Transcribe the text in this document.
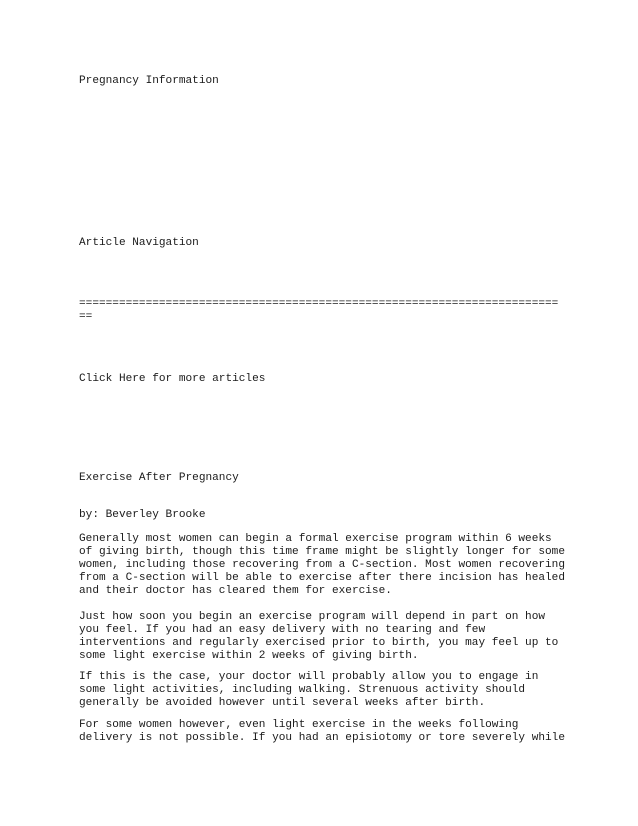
Pregnancy Information
Article Navigation
========================================================================
==
Click Here for more articles
Exercise After Pregnancy
by: Beverley Brooke

Generally most women can begin a formal exercise program within 6 weeks
of giving birth, though this time frame might be slightly longer for some
women, including those recovering from a C-section. Most women recovering
from a C-section will be able to exercise after there incision has healed
and their doctor has cleared them for exercise.

Just how soon you begin an exercise program will depend in part on how
you feel. If you had an easy delivery with no tearing and few
interventions and regularly exercised prior to birth, you may feel up to
some light exercise within 2 weeks of giving birth.

If this is the case, your doctor will probably allow you to engage in
some light activities, including walking. Strenuous activity should
generally be avoided however until several weeks after birth.

For some women however, even light exercise in the weeks following
delivery is not possible. If you had an episiotomy or tore severely while
